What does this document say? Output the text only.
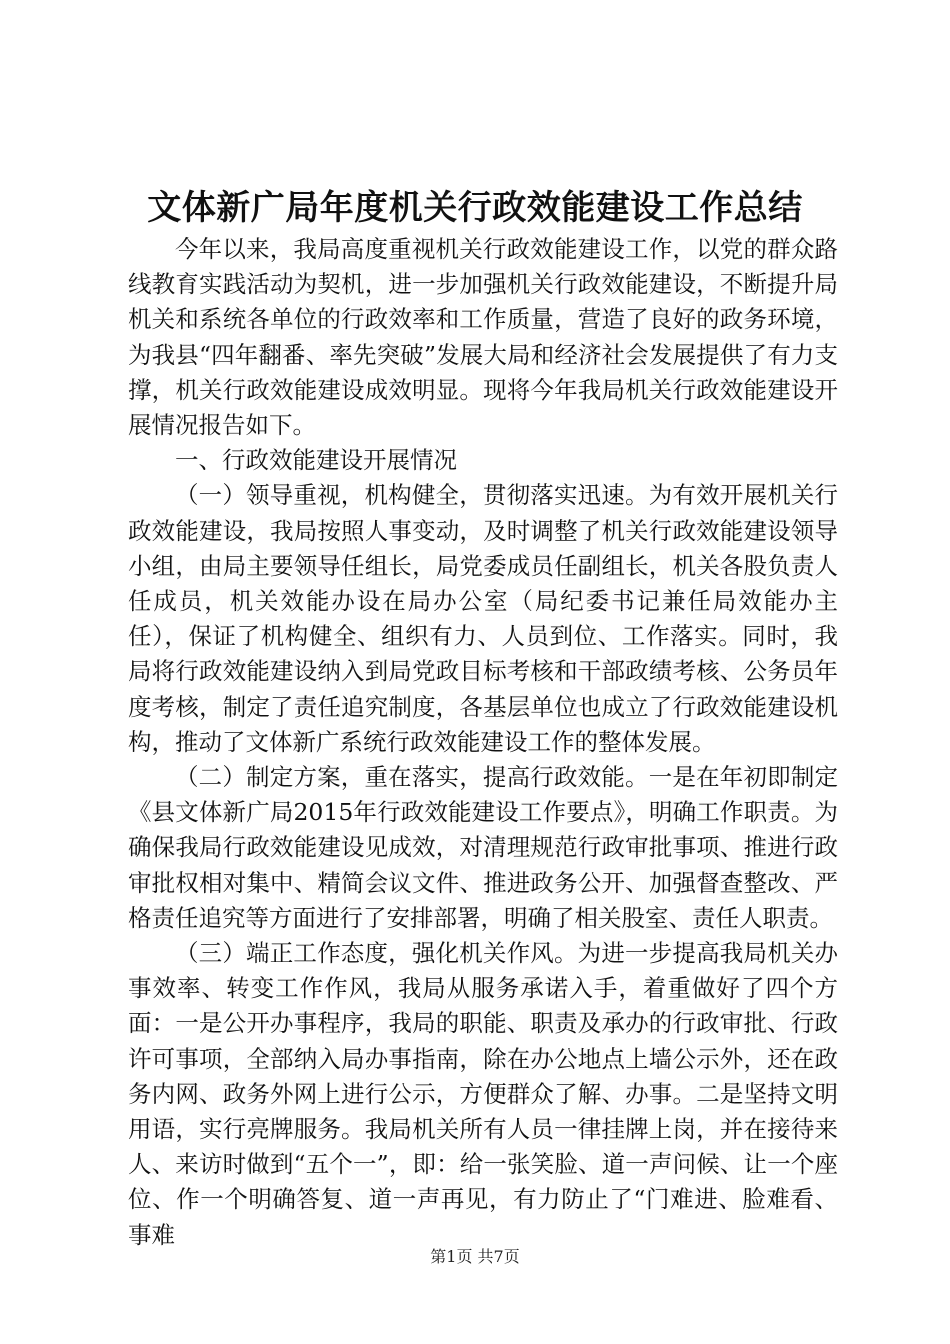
文体新广局年度机关行政效能建设工作总结

今年以来，我局高度重视机关行政效能建设工作，以党的群众路线教育实践活动为契机，进一步加强机关行政效能建设，不断提升局机关和系统各单位的行政效率和工作质量，营造了良好的政务环境，为我县“四年翻番、率先突破”发展大局和经济社会发展提供了有力支撑，机关行政效能建设成效明显。现将今年我局机关行政效能建设开展情况报告如下。

一、行政效能建设开展情况

（一）领导重视，机构健全，贯彻落实迅速。为有效开展机关行政效能建设，我局按照人事变动，及时调整了机关行政效能建设领导小组，由局主要领导任组长，局党委成员任副组长，机关各股负责人任成员，机关效能办设在局办公室（局纪委书记兼任局效能办主任），保证了机构健全、组织有力、人员到位、工作落实。同时，我局将行政效能建设纳入到局党政目标考核和干部政绩考核、公务员年度考核，制定了责任追究制度，各基层单位也成立了行政效能建设机构，推动了文体新广系统行政效能建设工作的整体发展。

（二）制定方案，重在落实，提高行政效能。一是在年初即制定《县文体新广局2015年行政效能建设工作要点》，明确工作职责。为确保我局行政效能建设见成效，对清理规范行政审批事项、推进行政审批权相对集中、精简会议文件、推进政务公开、加强督查整改、严格责任追究等方面进行了安排部署，明确了相关股室、责任人职责。

（三）端正工作态度，强化机关作风。为进一步提高我局机关办事效率、转变工作作风，我局从服务承诺入手，着重做好了四个方面：一是公开办事程序，我局的职能、职责及承办的行政审批、行政许可事项，全部纳入局办事指南，除在办公地点上墙公示外，还在政务内网、政务外网上进行公示，方便群众了解、办事。二是坚持文明用语，实行亮牌服务。我局机关所有人员一律挂牌上岗，并在接待来人、来访时做到“五个一”，即：给一张笑脸、道一声问候、让一个座位、作一个明确答复、道一声再见，有力防止了“门难进、脸难看、事难

第1页 共7页
